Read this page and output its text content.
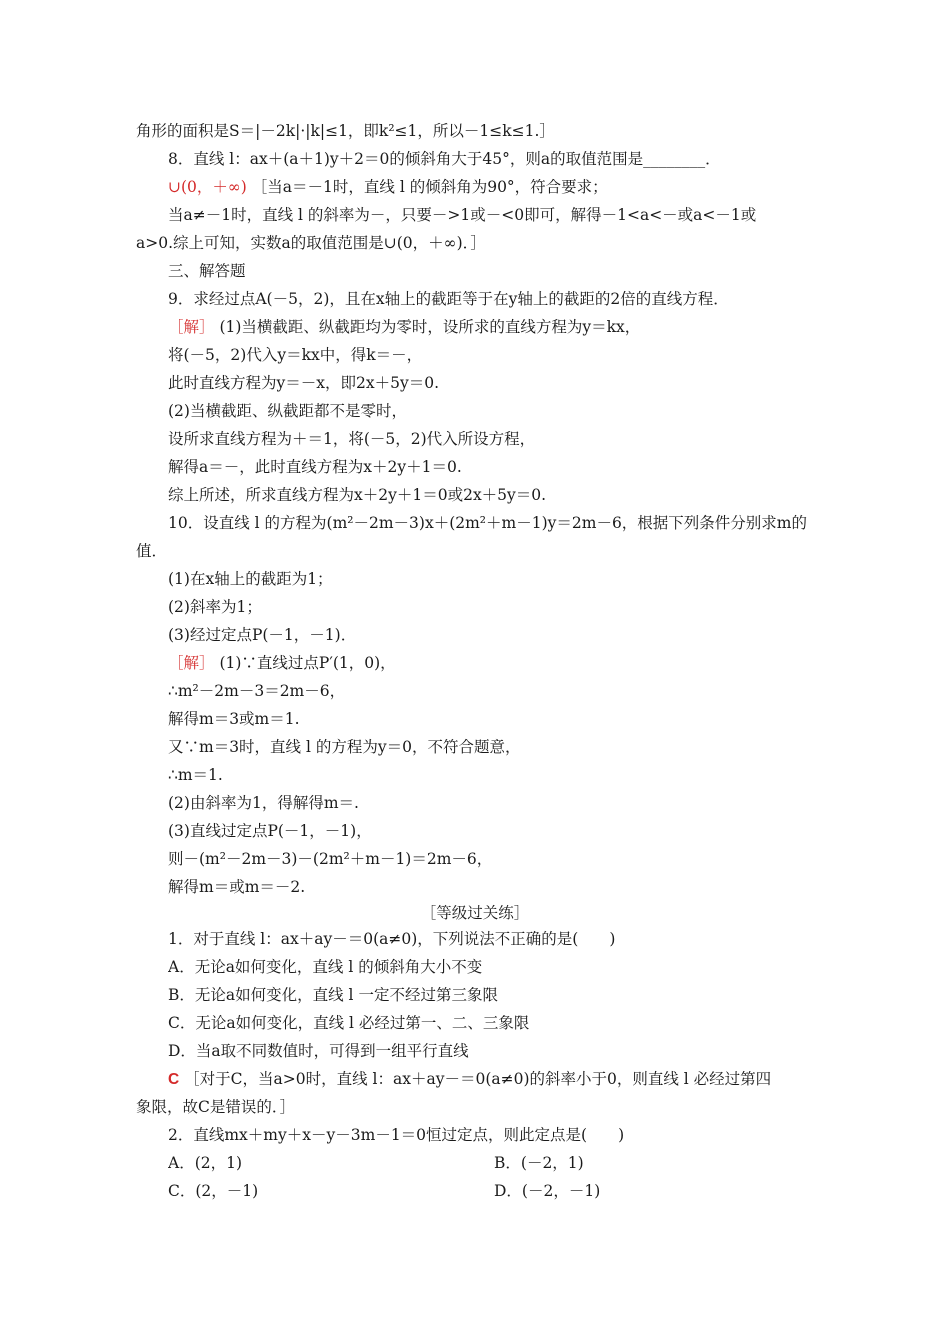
角形的面积是S＝|－2k|·|k|≤1，即k²≤1，所以－1≤k≤1.］
8．直线 l：ax＋(a＋1)y＋2＝0的倾斜角大于45°，则a的取值范围是________．
∪(0，＋∞) ［当a＝－1时，直线 l 的倾斜角为90°，符合要求；
当a≠－1时，直线 l 的斜率为－，只要－>1或－<0即可，解得－1<a<－或a<－1或
a>0.综上可知，实数a的取值范围是∪(0，＋∞)．］
三、解答题
9．求经过点A(－5，2)，且在x轴上的截距等于在y轴上的截距的2倍的直线方程．
［解］ (1)当横截距、纵截距均为零时，设所求的直线方程为y＝kx，
将(－5，2)代入y＝kx中，得k＝－，
此时直线方程为y＝－x，即2x＋5y＝0.
(2)当横截距、纵截距都不是零时，
设所求直线方程为＋＝1，将(－5，2)代入所设方程，
解得a＝－，此时直线方程为x＋2y＋1＝0.
综上所述，所求直线方程为x＋2y＋1＝0或2x＋5y＝0.
10．设直线 l 的方程为(m²－2m－3)x＋(2m²＋m－1)y＝2m－6，根据下列条件分别求m的
值．
(1)在x轴上的截距为1；
(2)斜率为1；
(3)经过定点P(－1，－1)．
［解］ (1)∵直线过点P′(1，0)，
∴m²－2m－3＝2m－6，
解得m＝3或m＝1.
又∵m＝3时，直线 l 的方程为y＝0，不符合题意，
∴m＝1.
(2)由斜率为1，得解得m＝.
(3)直线过定点P(－1，－1)，
则－(m²－2m－3)－(2m²＋m－1)＝2m－6，
解得m＝或m＝－2.
［等级过关练］
1．对于直线 l：ax＋ay－＝0(a≠0)，下列说法不正确的是(　　)
A．无论a如何变化，直线 l 的倾斜角大小不变
B．无论a如何变化，直线 l 一定不经过第三象限
C．无论a如何变化，直线 l 必经过第一、二、三象限
D．当a取不同数值时，可得到一组平行直线
C ［对于C，当a>0时，直线 l：ax＋ay－＝0(a≠0)的斜率小于0，则直线 l 必经过第四
象限，故C是错误的．］
2．直线mx＋my＋x－y－3m－1＝0恒过定点，则此定点是(　　)
A．(2，1)	B．(－2，1)
C．(2，－1)	D．(－2，－1)
